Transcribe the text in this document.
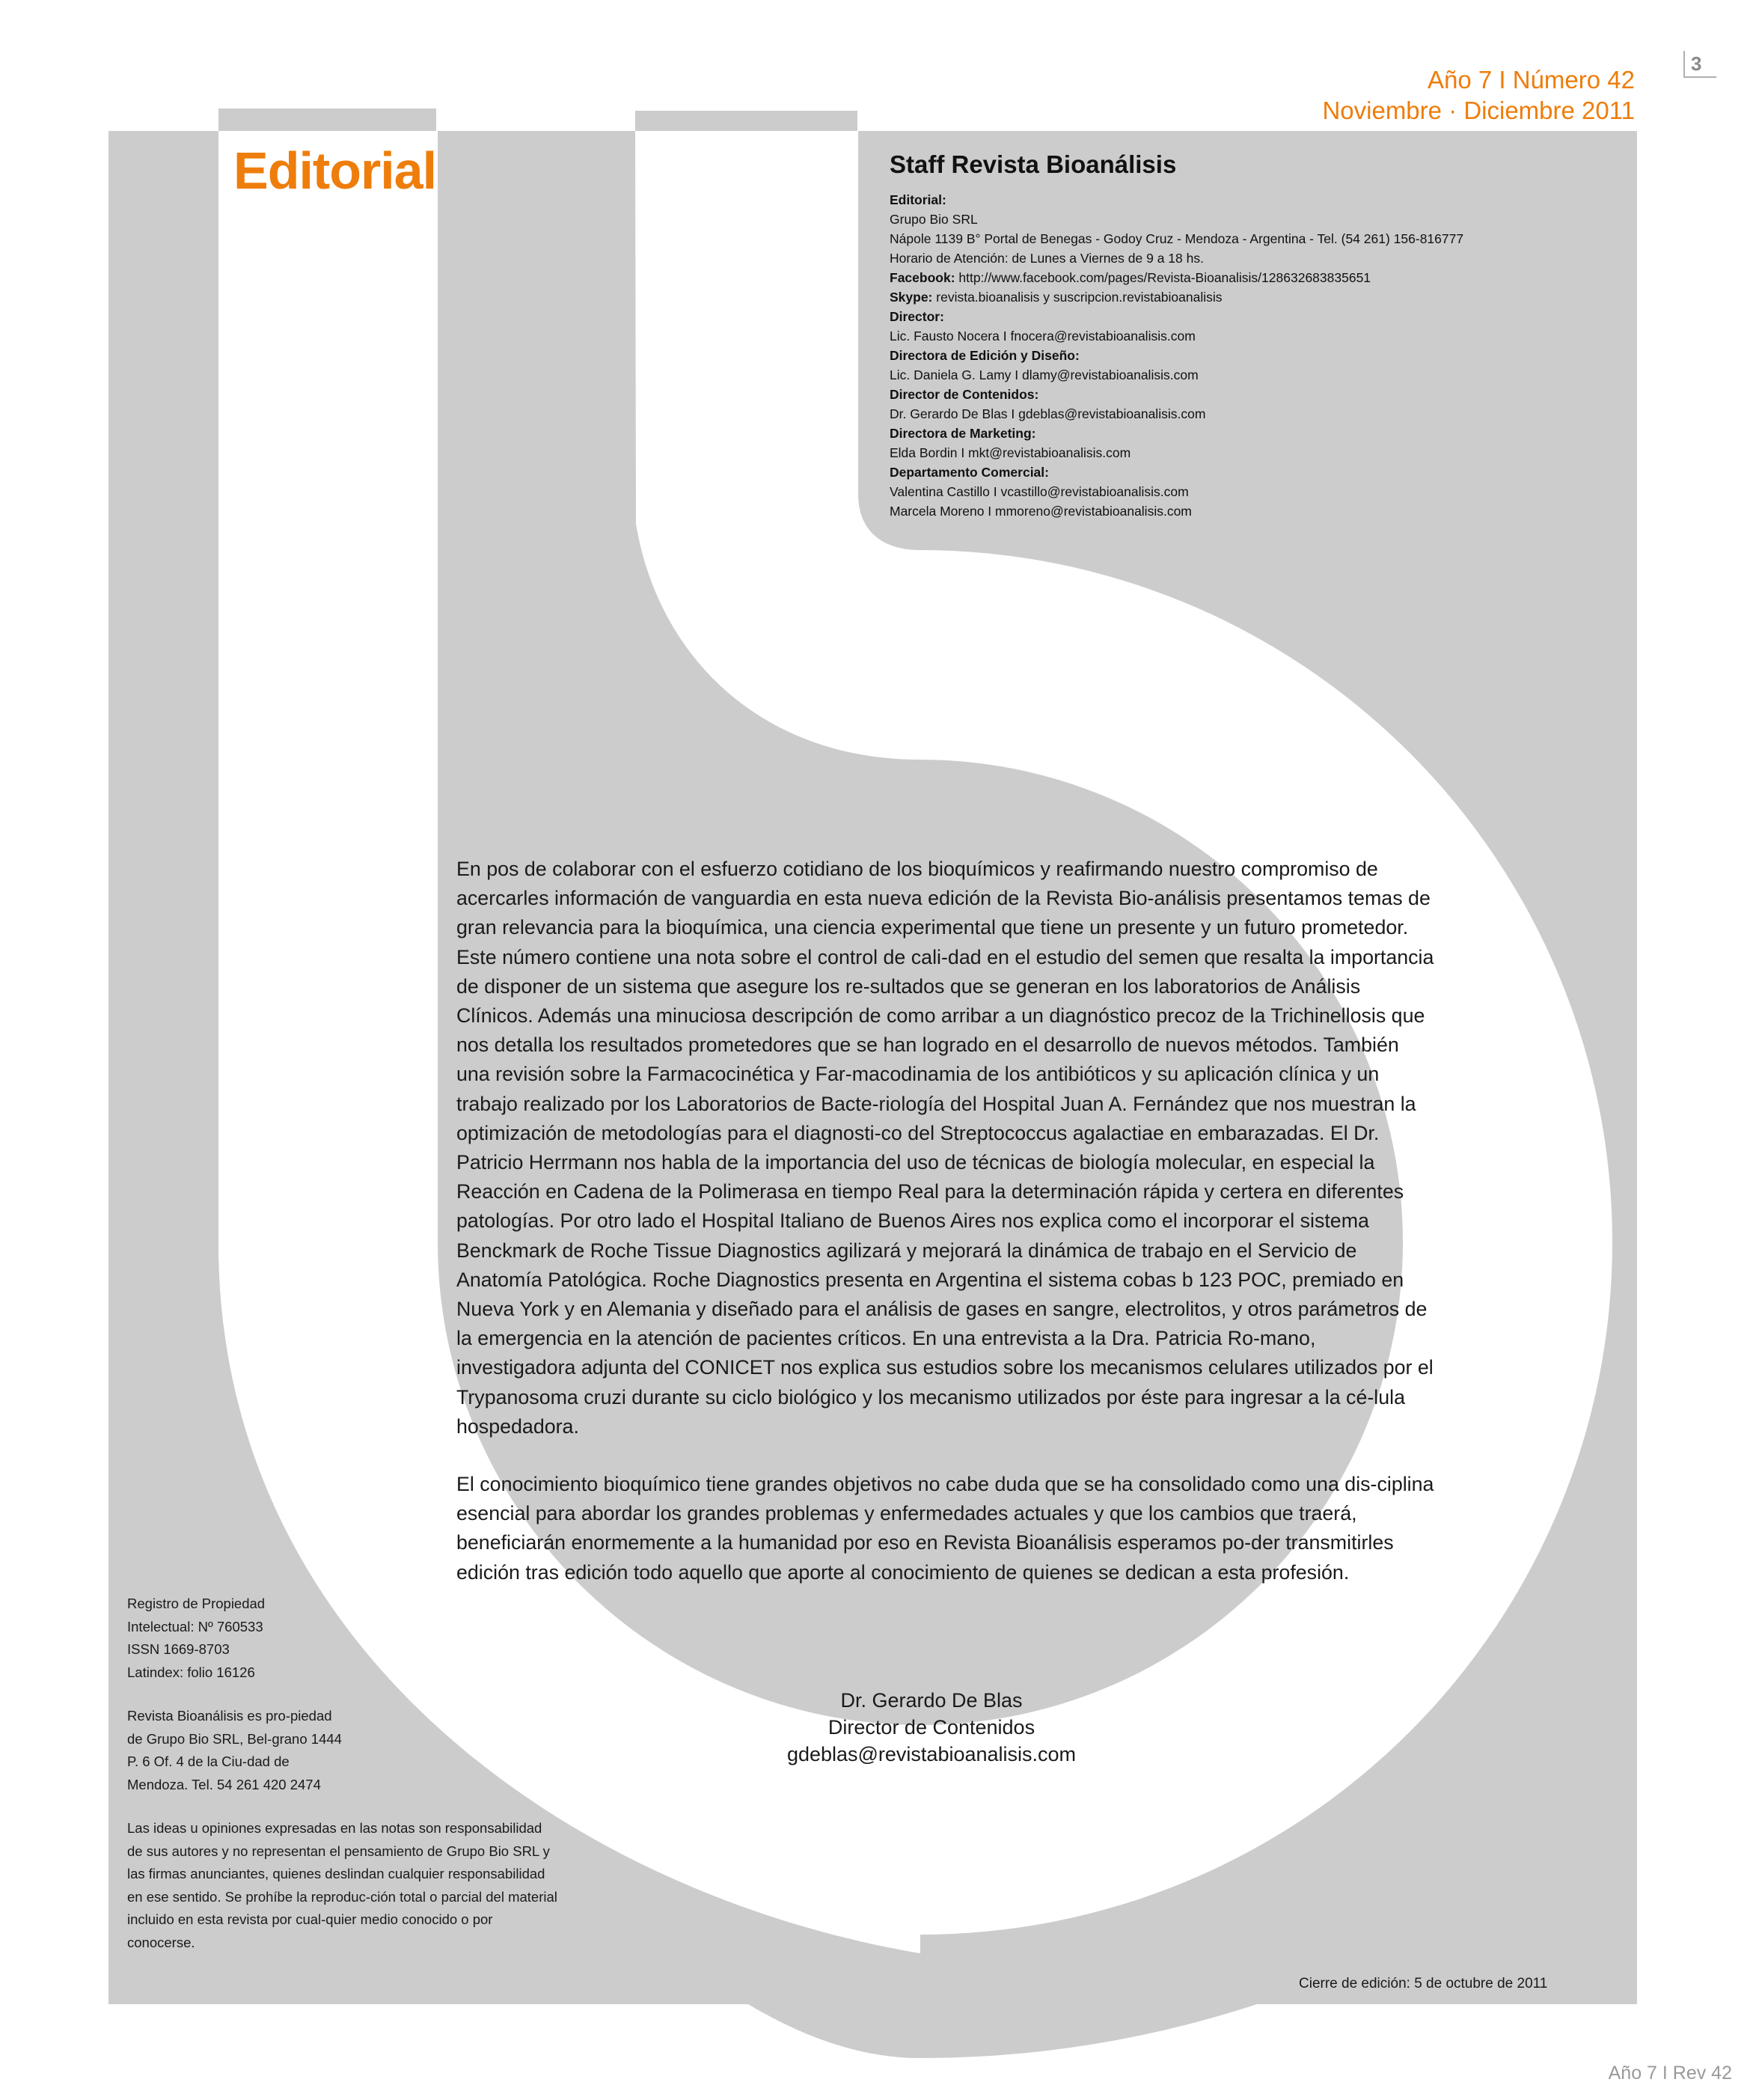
3
Año 7 I Número 42
Noviembre · Diciembre 2011
Editorial	Staff Revista Bioanálisis
Editorial:
Grupo Bio SRL
Nápole 1139 B° Portal de Benegas - Godoy Cruz - Mendoza - Argentina - Tel. (54 261) 156-816777
Horario de Atención: de Lunes a Viernes de 9 a 18 hs.
Facebook: http://www.facebook.com/pages/Revista-Bioanalisis/128632683835651
Skype: revista.bioanalisis y suscripcion.revistabioanalisis
Director:
Lic. Fausto Nocera I fnocera@revistabioanalisis.com
Directora de Edición y Diseño:
Lic. Daniela G. Lamy I dlamy@revistabioanalisis.com
Director de Contenidos:
Dr. Gerardo De Blas I gdeblas@revistabioanalisis.com
Directora de Marketing:
Elda Bordin I mkt@revistabioanalisis.com
Departamento Comercial:
Valentina Castillo I vcastillo@revistabioanalisis.com
Marcela Moreno I mmoreno@revistabioanalisis.com

En pos de colaborar con el esfuerzo cotidiano de los bioquímicos y reafirmando nuestro compromiso de acercarles información de vanguardia en esta nueva edición de la Revista Bio-análisis presentamos temas de gran relevancia para la bioquímica, una ciencia experimental que tiene un presente y un futuro prometedor. Este número contiene una nota sobre el control de cali-dad en el estudio del semen que resalta la importancia de disponer de un sistema que asegure los re-sultados que se generan en los laboratorios de Análisis Clínicos. Además una minuciosa descripción de como arribar a un diagnóstico precoz de la Trichinellosis que nos detalla los resultados prometedores que se han logrado en el desarrollo de nuevos métodos. También una revisión sobre la Farmacocinética y Far-macodinamia de los antibióticos y su aplicación clínica y un trabajo realizado por los Laboratorios de Bacte-riología del Hospital Juan A. Fernández que nos muestran la optimización de metodologías para el diagnosti-co del Streptococcus agalactiae en embarazadas. El Dr. Patricio Herrmann nos habla de la importancia del uso de técnicas de biología molecular, en especial la Reacción en Cadena de la Polimerasa en tiempo Real para la determinación rápida y certera en diferentes patologías. Por otro lado el Hospital Italiano de Buenos Aires nos explica como el incorporar el sistema Benckmark de Roche Tissue Diagnostics agilizará y mejorará la dinámica de trabajo en el Servicio de Anatomía Patológica. Roche Diagnostics presenta en Argentina el sistema cobas b 123 POC, premiado en Nueva York y en Alemania y diseñado para el análisis de gases en sangre, electrolitos, y otros parámetros de la emergencia en la atención de pacientes críticos. En una entrevista a la Dra. Patricia Ro-mano, investigadora adjunta del CONICET nos explica sus estudios sobre los mecanismos celulares utilizados por el Trypanosoma cruzi durante su ciclo biológico y los mecanismo utilizados por éste para ingresar a la cé-lula hospedadora.

El conocimiento bioquímico tiene grandes objetivos no cabe duda que se ha consolidado como una dis-ciplina esencial para abordar los grandes problemas y enfermedades actuales y que los cambios que traerá, beneficiarán enormemente a la humanidad por eso en Revista Bioanálisis esperamos po-der transmitirles edición tras edición todo aquello que aporte al conocimiento de quienes se dedican a esta profesión.

Dr. Gerardo De Blas
Director de Contenidos
gdeblas@revistabioanalisis.com

Registro de Propiedad Intelectual: Nº 760533 ISSN 1669-8703 Latindex: folio 16126

Revista Bioanálisis es pro-piedad de Grupo Bio SRL, Bel-grano 1444 P. 6 Of. 4 de la Ciu-dad de Mendoza. Tel. 54 261 420 2474

Las ideas u opiniones expresadas en las notas son responsabilidad de sus autores y no representan el pensamiento de Grupo Bio SRL y las firmas anunciantes, quienes deslindan cualquier responsabilidad en ese sentido. Se prohíbe la reproduc-ción total o parcial del material incluido en esta revista por cual-quier medio conocido o por conocerse.

Cierre de edición: 5 de octubre de 2011
Año 7 I Rev 42
